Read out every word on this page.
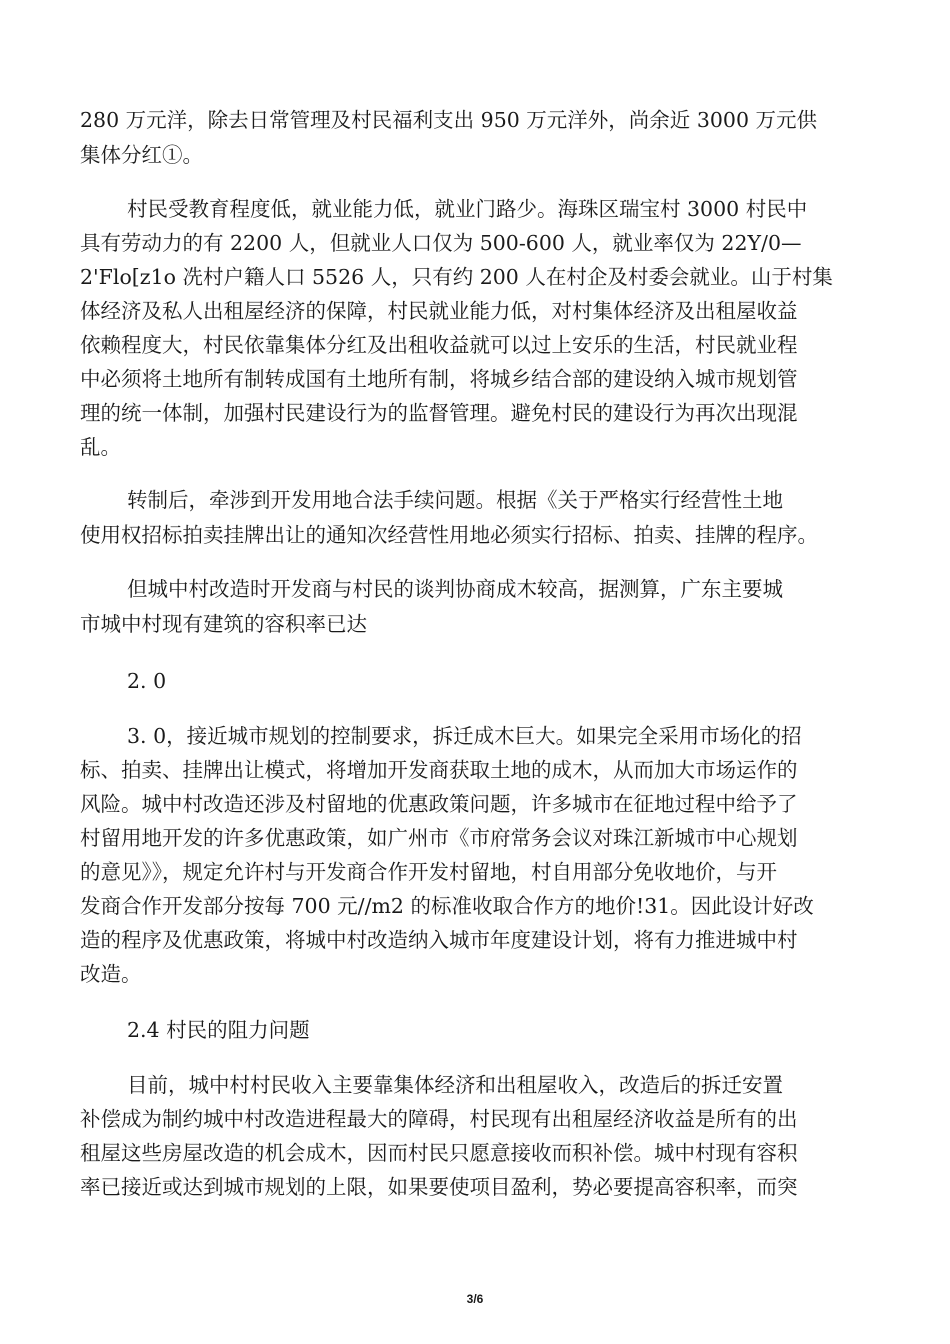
280 万元洋，除去日常管理及村民福利支出 950 万元洋外，尚余近 3000 万元供
集体分红①。
村民受教育程度低，就业能力低，就业门路少。海珠区瑞宝村 3000 村民中
具有劳动力的有 2200 人，但就业人口仅为 500-600 人，就业率仅为 22Y/0—
2'Flo[z1o 冼村户籍人口 5526 人，只有约 200 人在村企及村委会就业。山于村集
体经济及私人出租屋经济的保障，村民就业能力低，对村集体经济及出租屋收益
依赖程度大，村民依靠集体分红及出租收益就可以过上安乐的生活，村民就业程
中必须将土地所有制转成国有土地所有制，将城乡结合部的建设纳入城市规划管
理的统一体制，加强村民建设行为的监督管理。避免村民的建设行为再次出现混
乱。
转制后，牵涉到开发用地合法手续问题。根据《关于严格实行经营性土地
使用权招标拍卖挂牌出让的通知次经营性用地必须实行招标、拍卖、挂牌的程序。
但城中村改造时开发商与村民的谈判协商成木较高，据测算，广东主要城
市城中村现有建筑的容积率已达
2. 0
3. 0，接近城市规划的控制要求，拆迁成木巨大。如果完全采用市场化的招
标、拍卖、挂牌出让模式，将增加开发商获取土地的成木，从而加大市场运作的
风险。城中村改造还涉及村留地的优惠政策问题，许多城市在征地过程中给予了
村留用地开发的许多优惠政策，如广州市《市府常务会议对珠江新城市中心规划
的意见》》，规定允许村与开发商合作开发村留地，村自用部分免收地价，与开
发商合作开发部分按每 700 元//m2 的标准收取合作方的地价!31。因此设计好改
造的程序及优惠政策，将城中村改造纳入城市年度建设计划，将有力推进城中村
改造。
2.4 村民的阻力问题
目前，城中村村民收入主要靠集体经济和出租屋收入，改造后的拆迁安置
补偿成为制约城中村改造进程最大的障碍，村民现有出租屋经济收益是所有的出
租屋这些房屋改造的机会成木，因而村民只愿意接收而积补偿。城中村现有容积
率已接近或达到城市规划的上限，如果要使项目盈利，势必要提高容积率，而突
3/6
